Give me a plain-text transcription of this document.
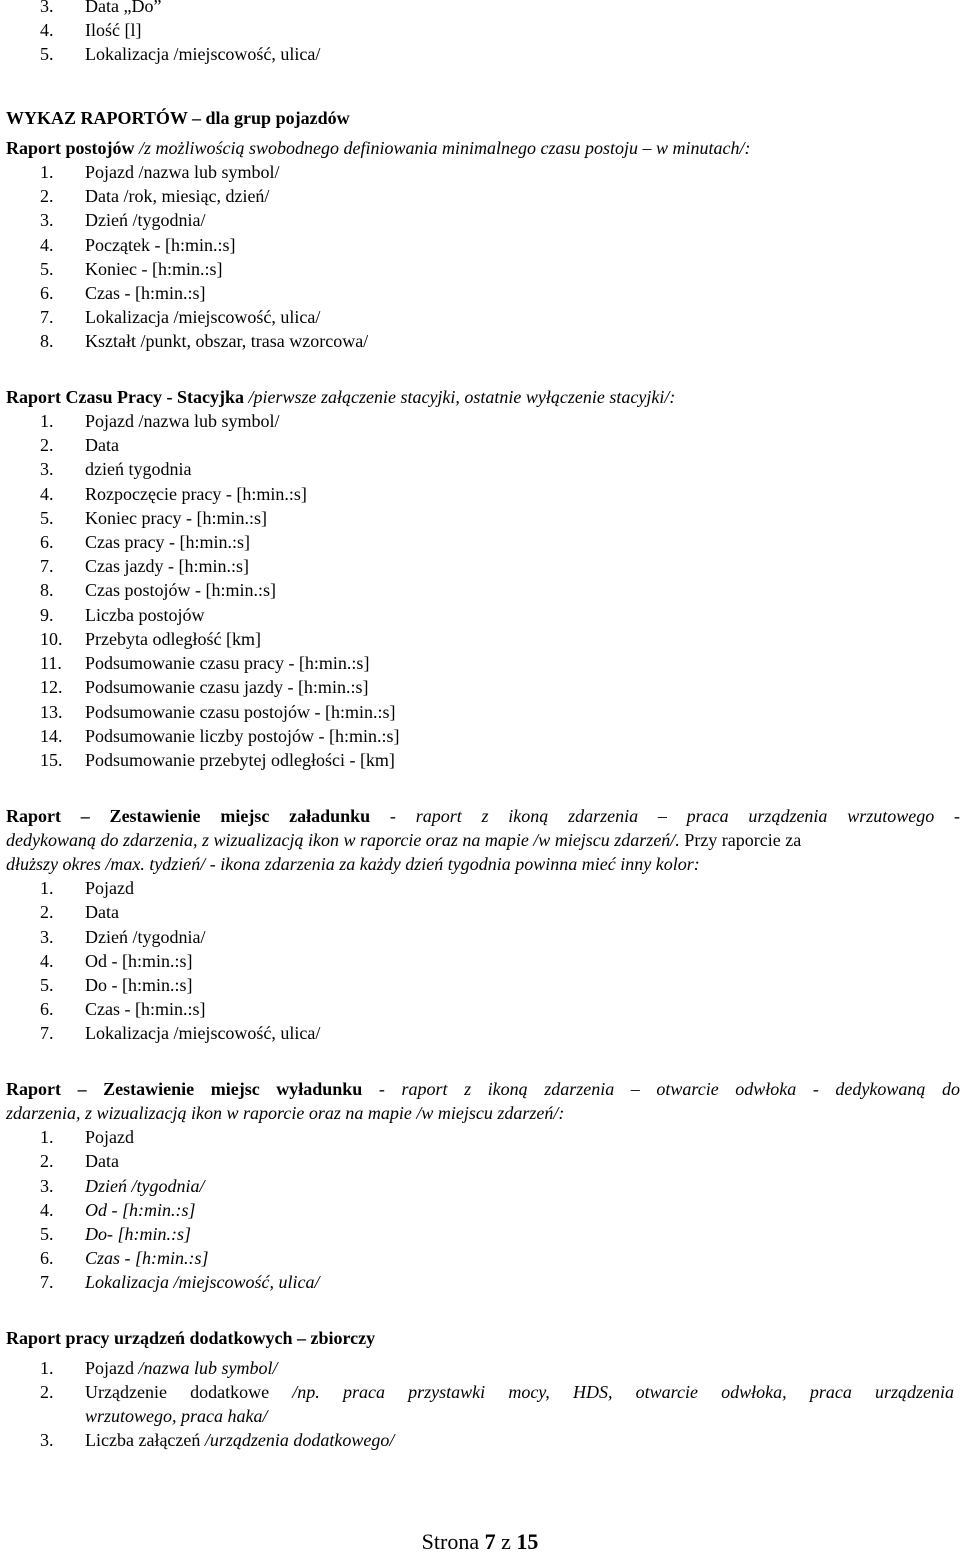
3.	Data „Do”
4.	Ilość [l]
5.	Lokalizacja /miejscowość, ulica/
WYKAZ RAPORTÓW – dla grup pojazdów
Raport postojów /z możliwością swobodnego definiowania minimalnego czasu postoju – w minutach/:
1.	Pojazd /nazwa lub symbol/
2.	Data /rok, miesiąc, dzień/
3.	Dzień /tygodnia/
4.	Początek - [h:min.:s]
5.	Koniec - [h:min.:s]
6.	Czas - [h:min.:s]
7.	Lokalizacja /miejscowość, ulica/
8.	Kształt /punkt, obszar, trasa wzorcowa/
Raport Czasu Pracy - Stacyjka /pierwsze załączenie stacyjki, ostatnie wyłączenie stacyjki/:
1.	Pojazd /nazwa lub symbol/
2.	Data
3.	dzień tygodnia
4.	Rozpoczęcie pracy - [h:min.:s]
5.	Koniec pracy - [h:min.:s]
6.	Czas pracy - [h:min.:s]
7.	Czas jazdy - [h:min.:s]
8.	Czas postojów - [h:min.:s]
9.	Liczba postojów
10.	Przebyta odległość [km]
11.	Podsumowanie czasu pracy - [h:min.:s]
12.	Podsumowanie czasu jazdy - [h:min.:s]
13.	Podsumowanie czasu postojów - [h:min.:s]
14.	Podsumowanie liczby postojów - [h:min.:s]
15.	Podsumowanie przebytej odległości - [km]
Raport – Zestawienie miejsc załadunku - raport z ikoną zdarzenia – praca urządzenia wrzutowego -
dedykowaną do zdarzenia, z wizualizacją ikon w raporcie oraz na mapie /w miejscu zdarzeń/. Przy raporcie za
dłuższy okres /max. tydzień/ - ikona zdarzenia za każdy dzień tygodnia powinna mieć inny kolor:
1.	Pojazd
2.	Data
3.	Dzień /tygodnia/
4.	Od - [h:min.:s]
5.	Do - [h:min.:s]
6.	Czas - [h:min.:s]
7.	Lokalizacja /miejscowość, ulica/
Raport – Zestawienie miejsc wyładunku - raport z ikoną zdarzenia – otwarcie odwłoka - dedykowaną do
zdarzenia, z wizualizacją ikon w raporcie oraz na mapie /w miejscu zdarzeń/:
1.	Pojazd
2.	Data
3.	Dzień /tygodnia/
4.	Od - [h:min.:s]
5.	Do- [h:min.:s]
6.	Czas - [h:min.:s]
7.	Lokalizacja /miejscowość, ulica/
Raport pracy urządzeń dodatkowych – zbiorczy
1.	Pojazd /nazwa lub symbol/
2.	Urządzenie dodatkowe /np. praca przystawki mocy, HDS, otwarcie odwłoka, praca urządzenia
wrzutowego, praca haka/
3.	Liczba załączeń /urządzenia dodatkowego/
Strona 7 z 15
